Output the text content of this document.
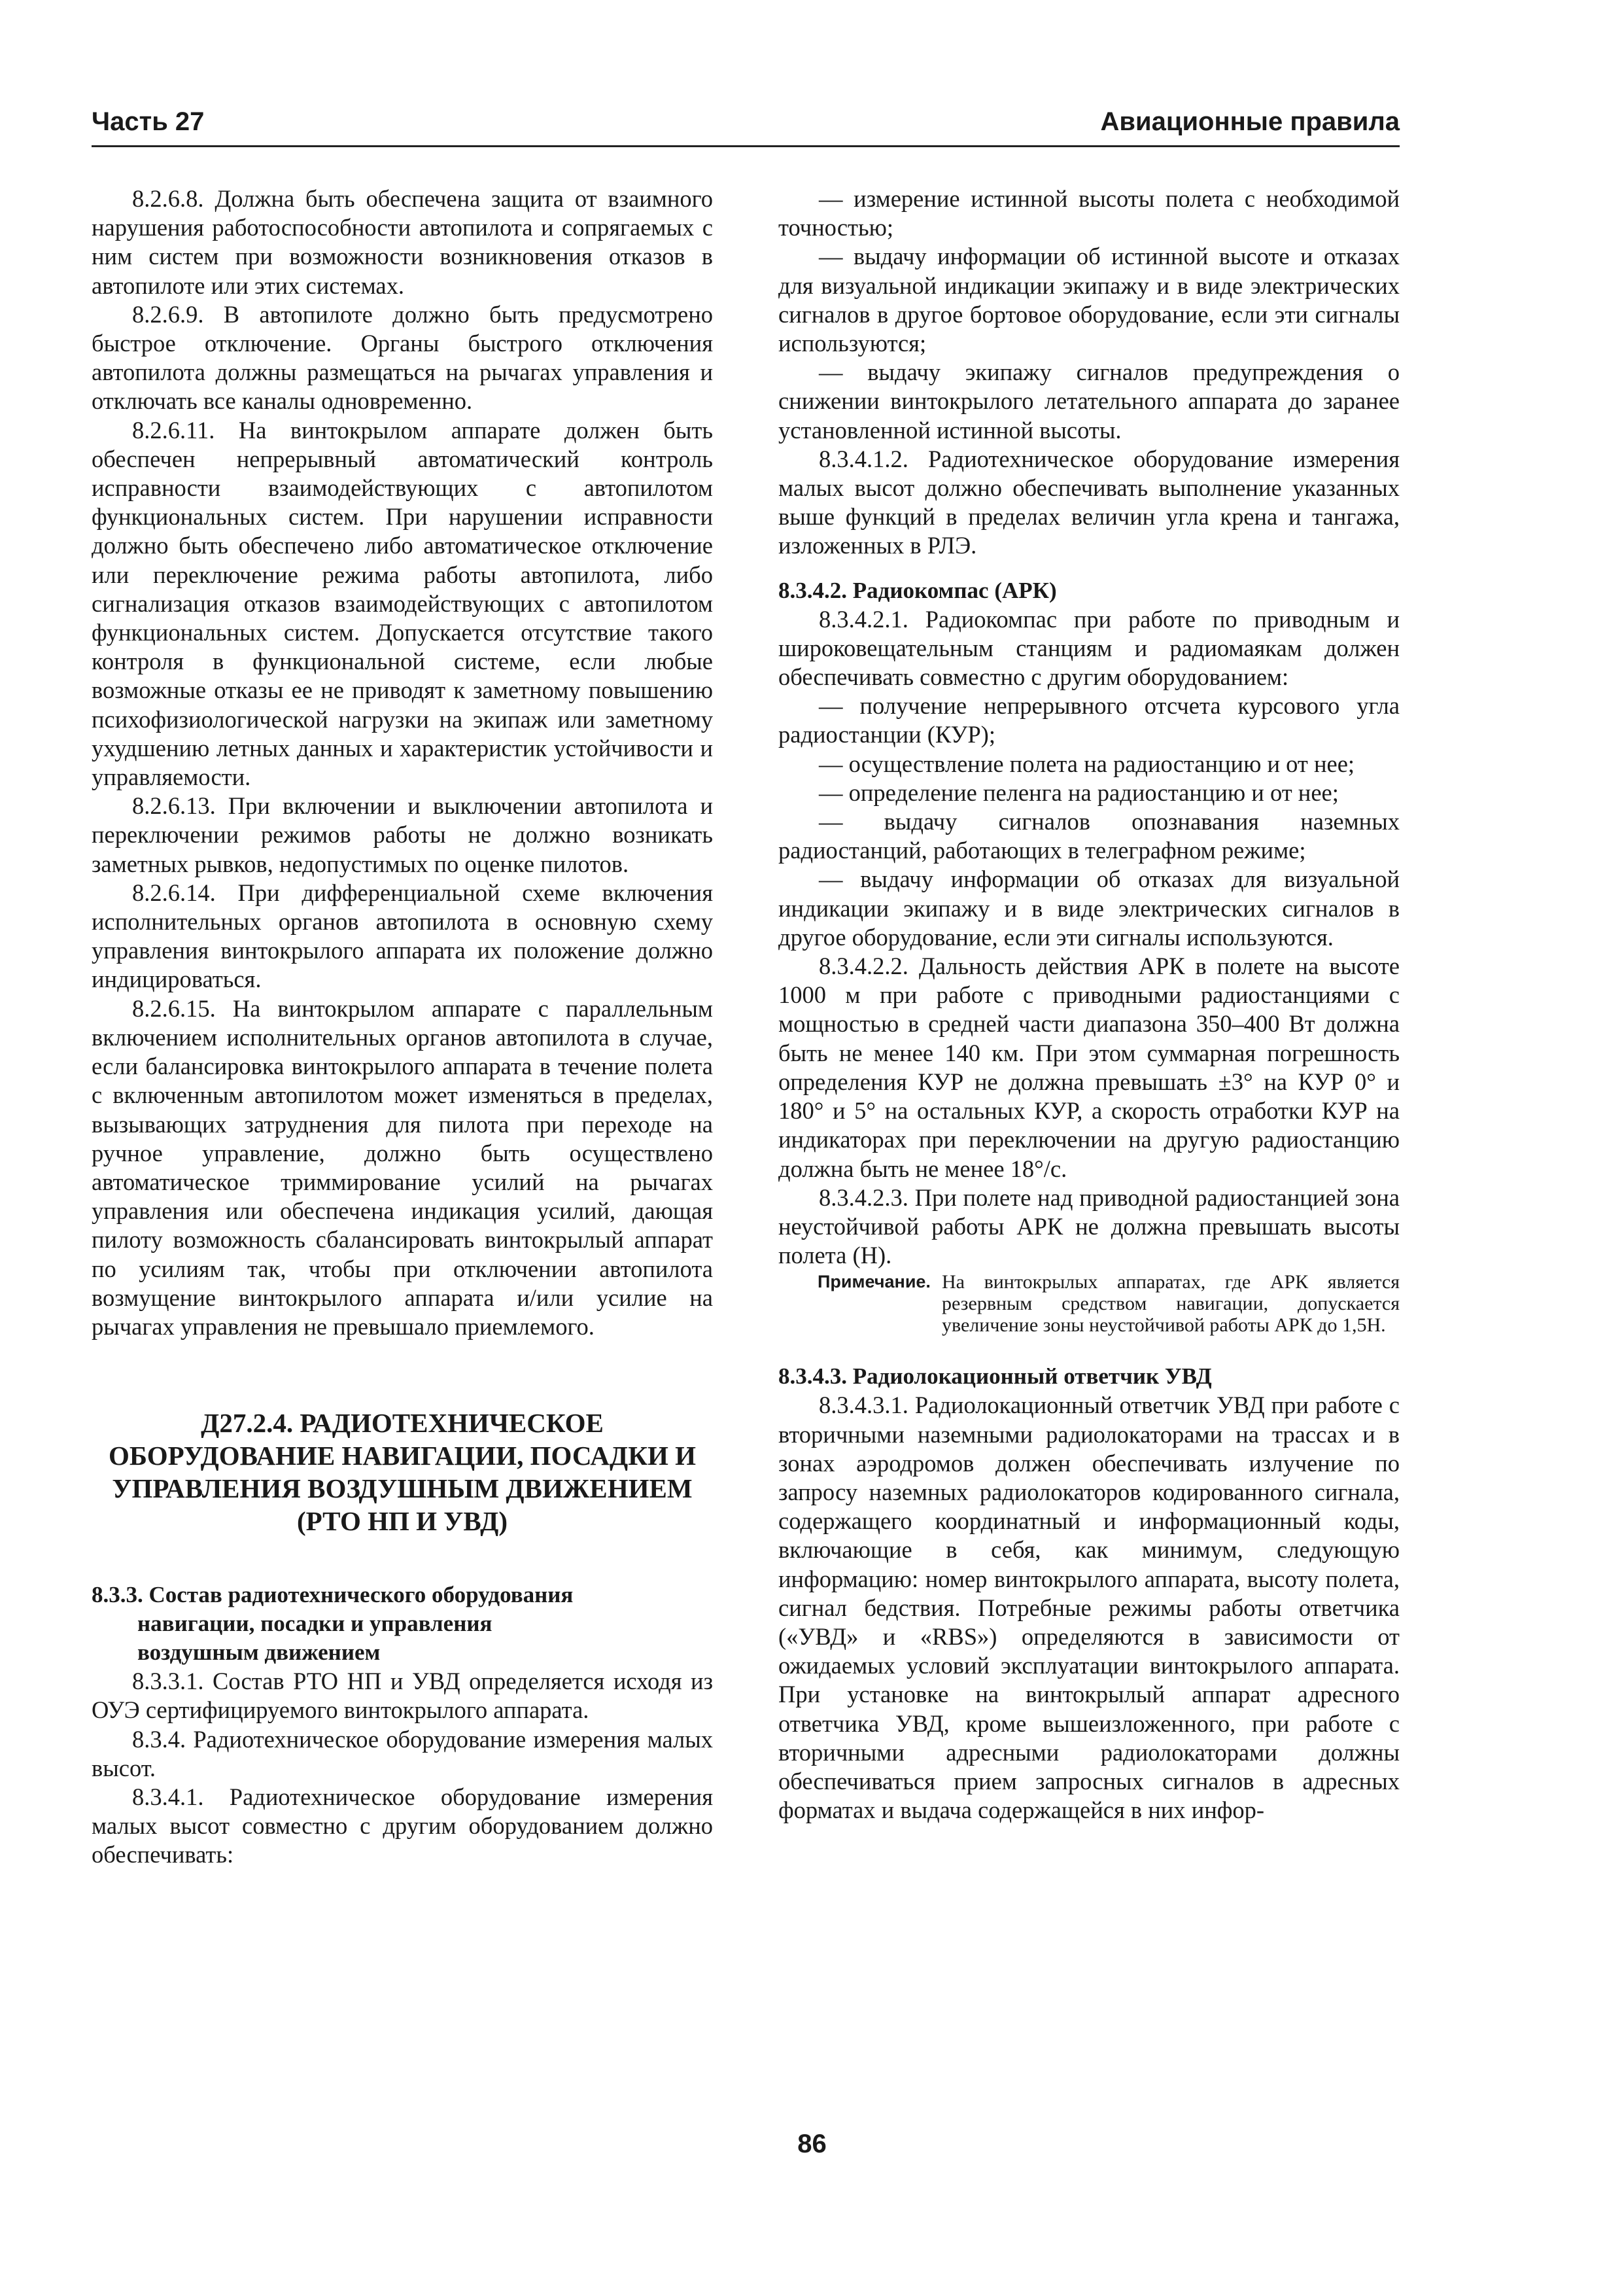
Часть 27	Авиационные правила

8.2.6.8. Должна быть обеспечена защита от взаимного нарушения работоспособности автопилота и сопрягаемых с ним систем при возможности возникновения отказов в автопилоте или этих системах.

8.2.6.9. В автопилоте должно быть предусмотрено быстрое отключение. Органы быстрого отключения автопилота должны размещаться на рычагах управления и отключать все каналы одновременно.

8.2.6.11. На винтокрылом аппарате должен быть обеспечен непрерывный автоматический контроль исправности взаимодействующих с автопилотом функциональных систем. При нарушении исправности должно быть обеспечено либо автоматическое отключение или переключение режима работы автопилота, либо сигнализация отказов взаимодействующих с автопилотом функциональных систем. Допускается отсутствие такого контроля в функциональной системе, если любые возможные отказы ее не приводят к заметному повышению психофизиологической нагрузки на экипаж или заметному ухудшению летных данных и характеристик устойчивости и управляемости.

8.2.6.13. При включении и выключении автопилота и переключении режимов работы не должно возникать заметных рывков, недопустимых по оценке пилотов.

8.2.6.14. При дифференциальной схеме включения исполнительных органов автопилота в основную схему управления винтокрылого аппарата их положение должно индицироваться.

8.2.6.15. На винтокрылом аппарате с параллельным включением исполнительных органов автопилота в случае, если балансировка винтокрылого аппарата в течение полета с включенным автопилотом может изменяться в пределах, вызывающих затруднения для пилота при переходе на ручное управление, должно быть осуществлено автоматическое триммирование усилий на рычагах управления или обеспечена индикация усилий, дающая пилоту возможность сбалансировать винтокрылый аппарат по усилиям так, чтобы при отключении автопилота возмущение винтокрылого аппарата и/или усилие на рычагах управления не превышало приемлемого.

Д27.2.4. РАДИОТЕХНИЧЕСКОЕ ОБОРУДОВАНИЕ НАВИГАЦИИ, ПОСАДКИ И УПРАВЛЕНИЯ ВОЗДУШНЫМ ДВИЖЕНИЕМ (РТО НП И УВД)
8.3.3. Состав радиотехнического оборудования
навигации, посадки и управления
воздушным движением

8.3.3.1. Состав РТО НП и УВД определяется исходя из ОУЭ сертифицируемого винтокрылого аппарата.

8.3.4. Радиотехническое оборудование измерения малых высот.

8.3.4.1. Радиотехническое оборудование измерения малых высот совместно с другим оборудованием должно обеспечивать:

— измерение истинной высоты полета с необходимой точностью;

— выдачу информации об истинной высоте и отказах для визуальной индикации экипажу и в виде электрических сигналов в другое бортовое оборудование, если эти сигналы используются;

— выдачу экипажу сигналов предупреждения о снижении винтокрылого летательного аппарата до заранее установленной истинной высоты.

8.3.4.1.2. Радиотехническое оборудование измерения малых высот должно обеспечивать выполнение указанных выше функций в пределах величин угла крена и тангажа, изложенных в РЛЭ.

8.3.4.2. Радиокомпас (АРК)

8.3.4.2.1. Радиокомпас при работе по приводным и широковещательным станциям и радиомаякам должен обеспечивать совместно с другим оборудованием:

— получение непрерывного отсчета курсового угла радиостанции (КУР);

— осуществление полета на радиостанцию и от нее;

— определение пеленга на радиостанцию и от нее;

— выдачу сигналов опознавания наземных радиостанций, работающих в телеграфном режиме;

— выдачу информации об отказах для визуальной индикации экипажу и в виде электрических сигналов в другое оборудование, если эти сигналы используются.

8.3.4.2.2. Дальность действия АРК в полете на высоте 1000 м при работе с приводными радиостанциями с мощностью в средней части диапазона 350–400 Вт должна быть не менее 140 км. При этом суммарная погрешность определения КУР не должна превышать ±3° на КУР 0° и 180° и 5° на остальных КУР, а скорость отработки КУР на индикаторах при переключении на другую радиостанцию должна быть не менее 18°/c.

8.3.4.2.3. При полете над приводной радиостанцией зона неустойчивой работы АРК не должна превышать высоты полета (Н).

Примечание. На винтокрылых аппаратах, где АРК является резервным средством навигации, допускается увеличение зоны неустойчивой работы АРК до 1,5Н.
8.3.4.3. Радиолокационный ответчик УВД

8.3.4.3.1. Радиолокационный ответчик УВД при работе с вторичными наземными радиолокаторами на трассах и в зонах аэродромов должен обеспечивать излучение по запросу наземных радиолокаторов кодированного сигнала, содержащего координатный и информационный коды, включающие в себя, как минимум, следующую информацию: номер винтокрылого аппарата, высоту полета, сигнал бедствия. Потребные режимы работы ответчика («УВД» и «RBS») определяются в зависимости от ожидаемых условий эксплуатации винтокрылого аппарата. При установке на винтокрылый аппарат адресного ответчика УВД, кроме вышеизложенного, при работе с вторичными адресными радиолокаторами должны обеспечиваться прием запросных сигналов в адресных форматах и выдача содержащейся в них инфор-

86
